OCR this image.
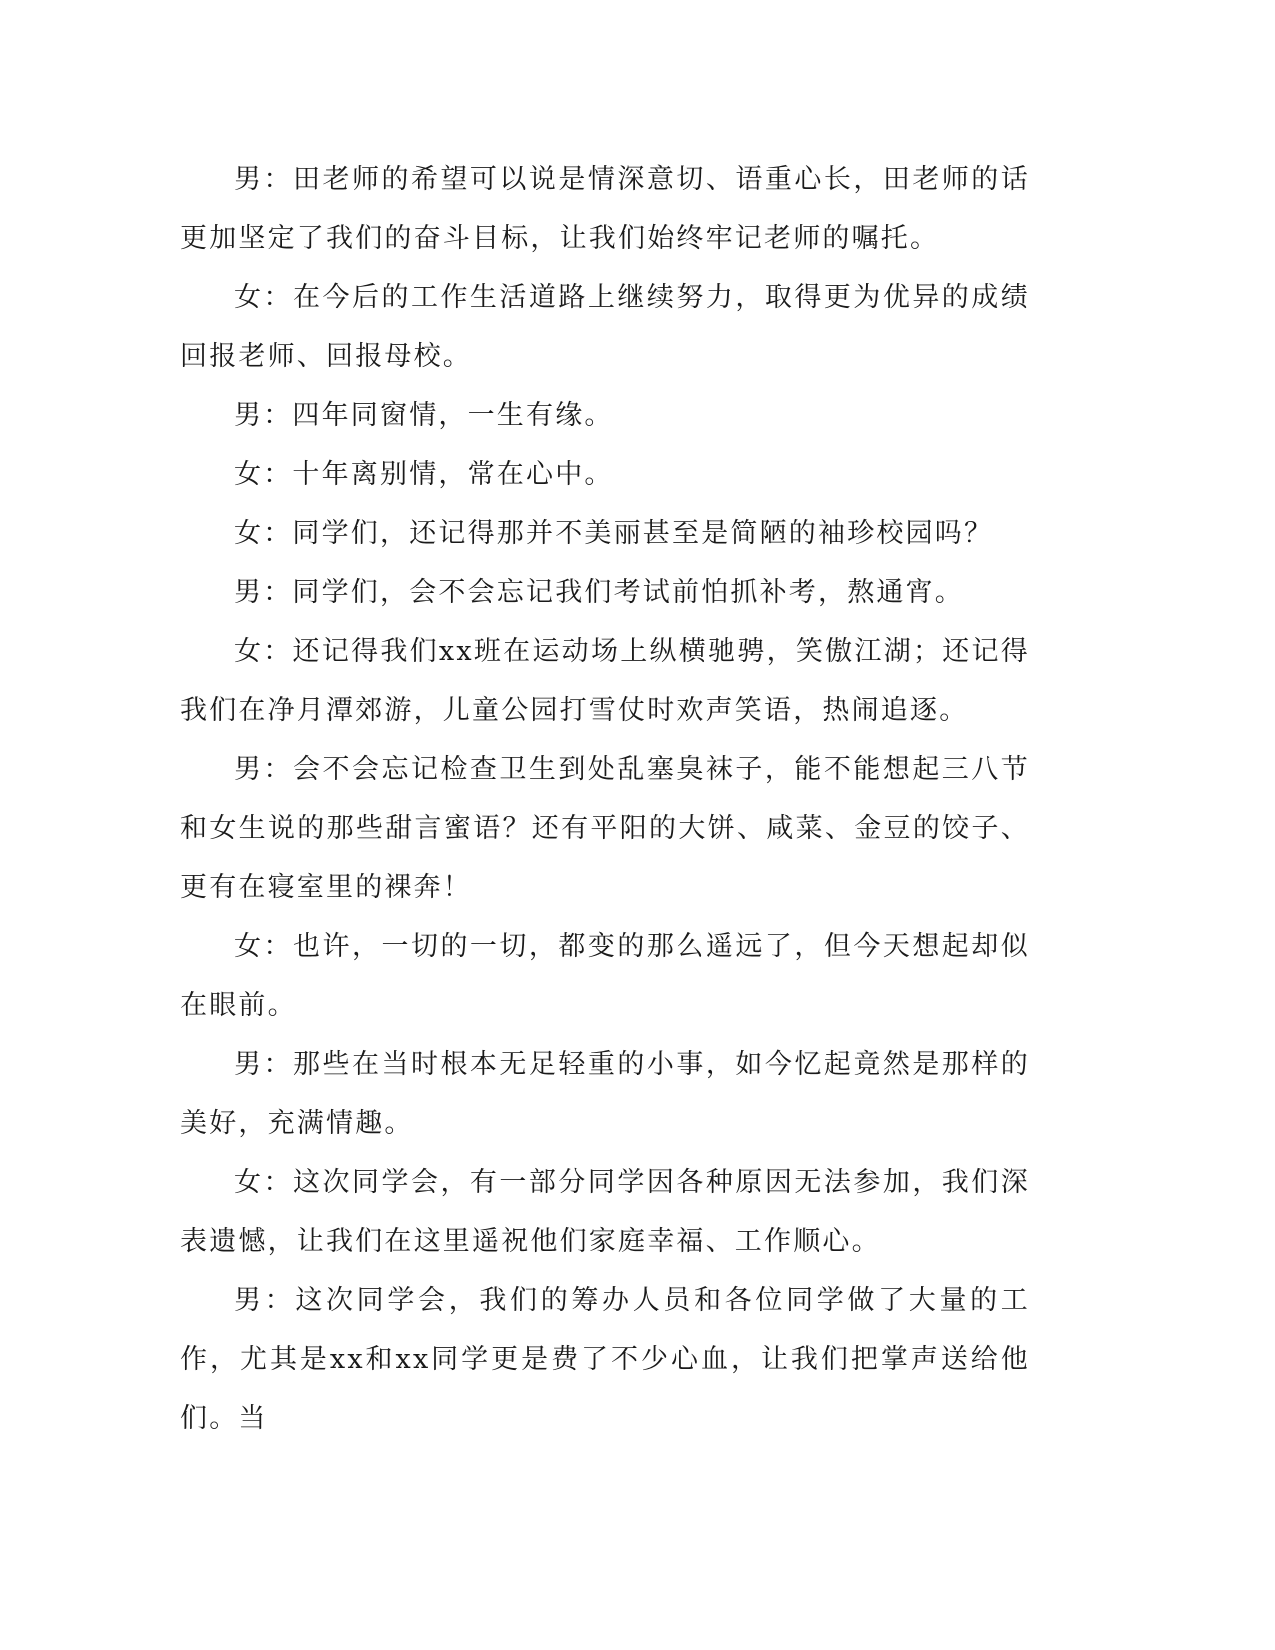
男：田老师的希望可以说是情深意切、语重心长，田老师的话更加坚定了我们的奋斗目标，让我们始终牢记老师的嘱托。

女：在今后的工作生活道路上继续努力，取得更为优异的成绩回报老师、回报母校。

男：四年同窗情，一生有缘。

女：十年离别情，常在心中。

女：同学们，还记得那并不美丽甚至是简陋的袖珍校园吗？

男：同学们，会不会忘记我们考试前怕抓补考，熬通宵。

女：还记得我们xx班在运动场上纵横驰骋，笑傲江湖；还记得我们在净月潭郊游，儿童公园打雪仗时欢声笑语，热闹追逐。

男：会不会忘记检查卫生到处乱塞臭袜子，能不能想起三八节和女生说的那些甜言蜜语？还有平阳的大饼、咸菜、金豆的饺子、更有在寝室里的裸奔！

女：也许，一切的一切，都变的那么遥远了，但今天想起却似在眼前。

男：那些在当时根本无足轻重的小事，如今忆起竟然是那样的美好，充满情趣。

女：这次同学会，有一部分同学因各种原因无法参加，我们深表遗憾，让我们在这里遥祝他们家庭幸福、工作顺心。

男：这次同学会，我们的筹办人员和各位同学做了大量的工作，尤其是xx和xx同学更是费了不少心血，让我们把掌声送给他们。当
